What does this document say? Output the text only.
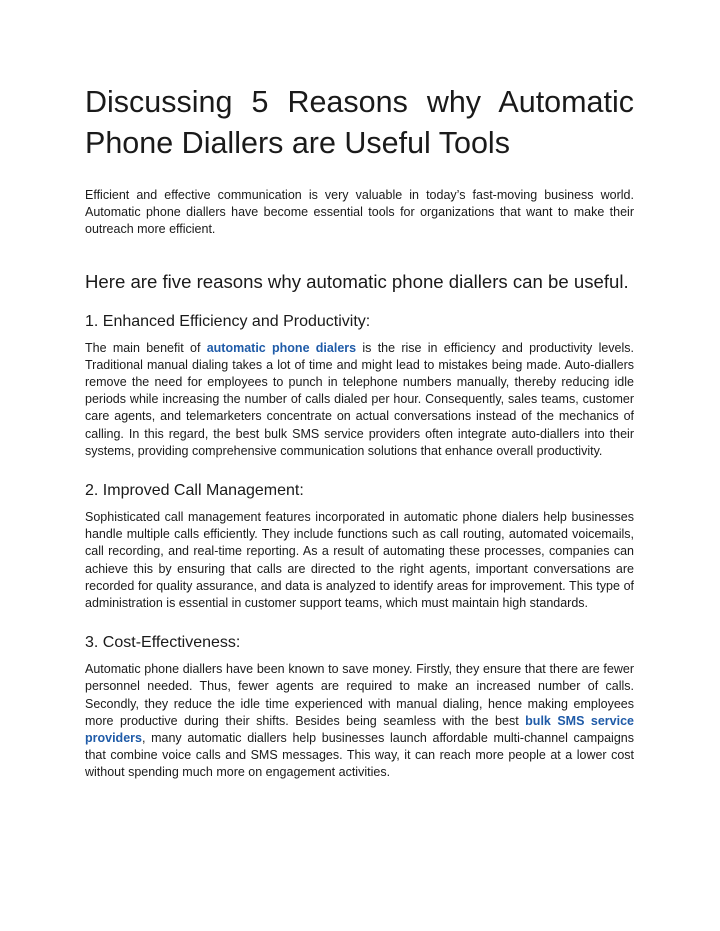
Discussing 5 Reasons why Automatic
Phone Diallers are Useful Tools

Efficient and effective communication is very valuable in today’s fast-moving business world. Automatic phone diallers have become essential tools for organizations that want to make their outreach more efficient.

Here are five reasons why automatic phone diallers can be useful.
1. Enhanced Efficiency and Productivity:

The main benefit of automatic phone dialers is the rise in efficiency and productivity levels. Traditional manual dialing takes a lot of time and might lead to mistakes being made. Auto-diallers remove the need for employees to punch in telephone numbers manually, thereby reducing idle periods while increasing the number of calls dialed per hour. Consequently, sales teams, customer care agents, and telemarketers concentrate on actual conversations instead of the mechanics of calling. In this regard, the best bulk SMS service providers often integrate auto-diallers into their systems, providing comprehensive communication solutions that enhance overall productivity.

2. Improved Call Management:

Sophisticated call management features incorporated in automatic phone dialers help businesses handle multiple calls efficiently. They include functions such as call routing, automated voicemails, call recording, and real-time reporting. As a result of automating these processes, companies can achieve this by ensuring that calls are directed to the right agents, important conversations are recorded for quality assurance, and data is analyzed to identify areas for improvement. This type of administration is essential in customer support teams, which must maintain high standards.

3. Cost-Effectiveness:

Automatic phone diallers have been known to save money. Firstly, they ensure that there are fewer personnel needed. Thus, fewer agents are required to make an increased number of calls. Secondly, they reduce the idle time experienced with manual dialing, hence making employees more productive during their shifts. Besides being seamless with the best bulk SMS service providers, many automatic diallers help businesses launch affordable multi-channel campaigns that combine voice calls and SMS messages. This way, it can reach more people at a lower cost without spending much more on engagement activities.
